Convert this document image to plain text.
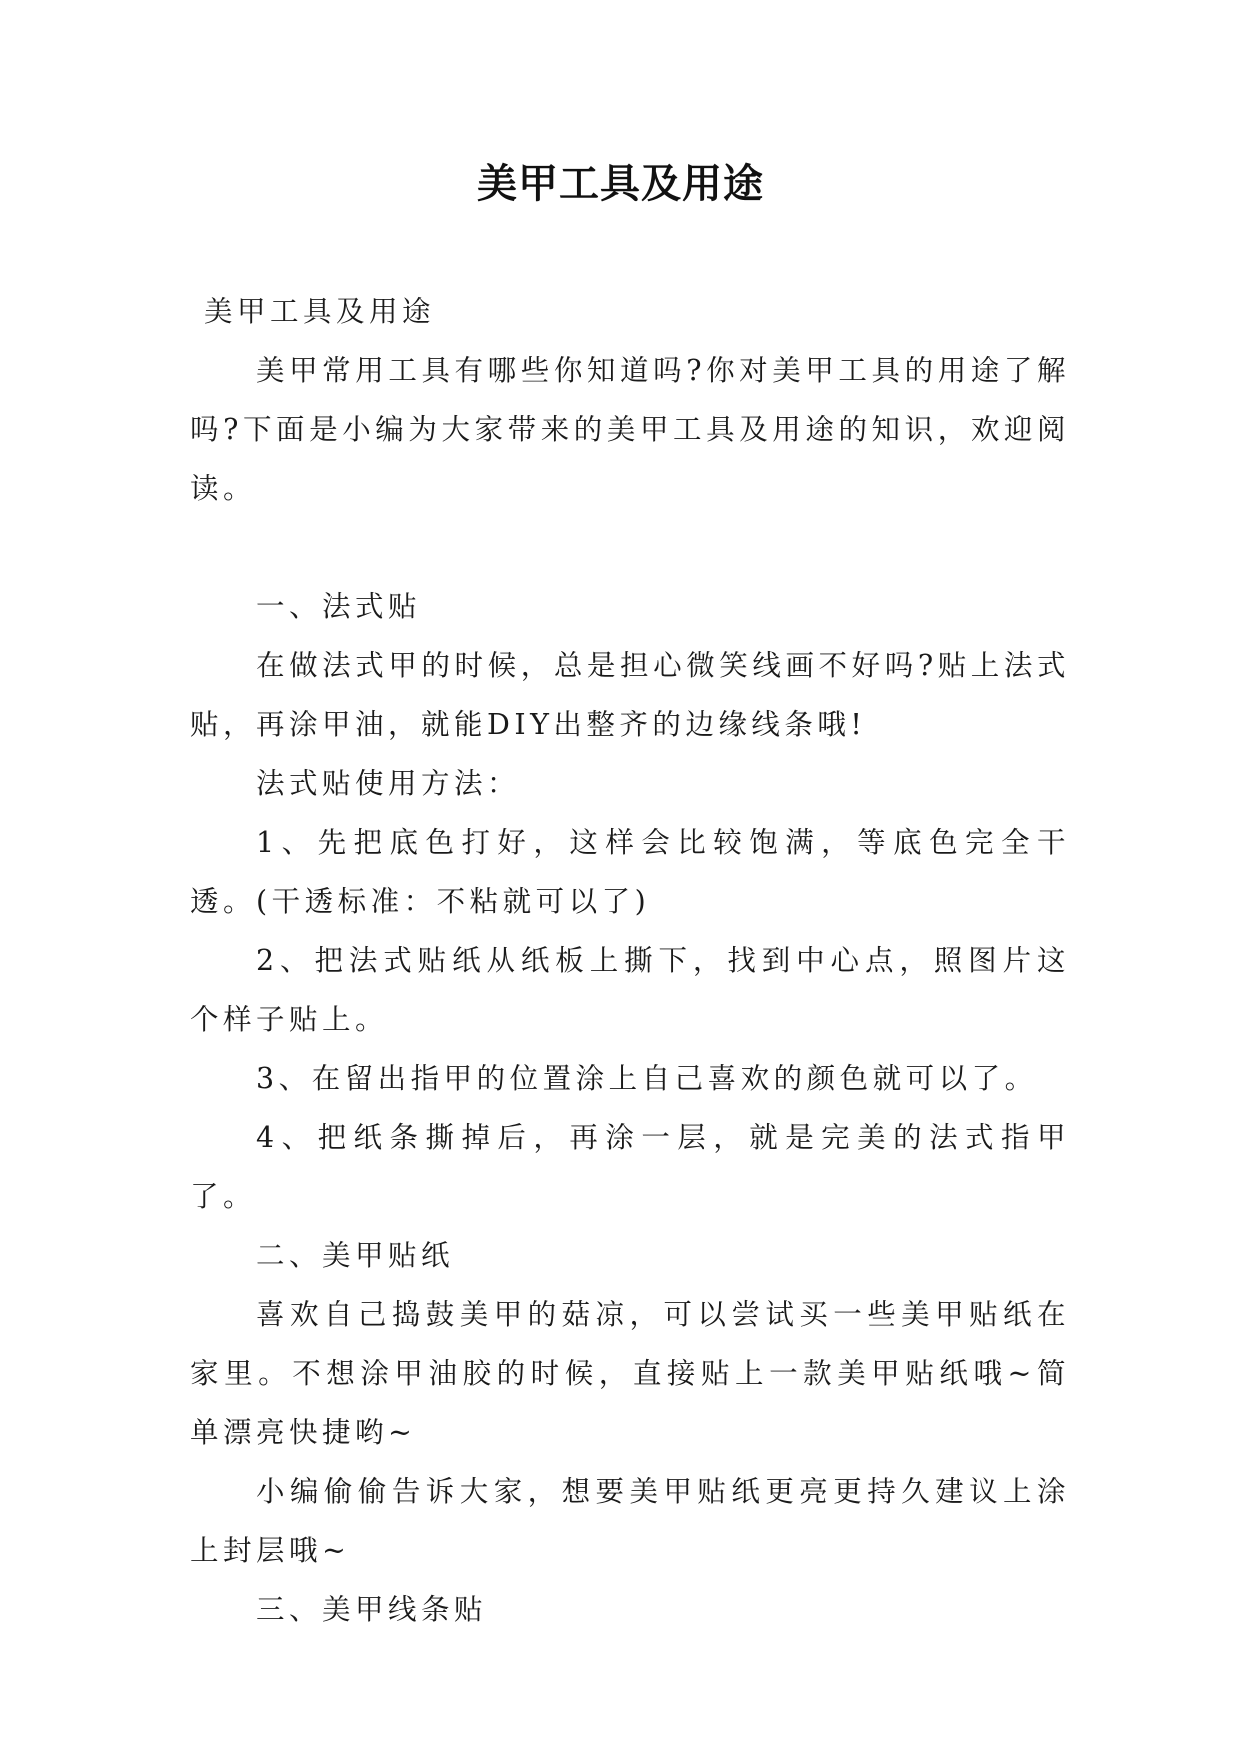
美甲工具及用途

美甲工具及用途

美甲常用工具有哪些你知道吗?你对美甲工具的用途了解吗?下面是小编为大家带来的美甲工具及用途的知识，欢迎阅读。

一、法式贴

在做法式甲的时候，总是担心微笑线画不好吗?贴上法式贴，再涂甲油，就能DIY出整齐的边缘线条哦!

法式贴使用方法：

1、先把底色打好，这样会比较饱满，等底色完全干透。(干透标准：不粘就可以了)

2、把法式贴纸从纸板上撕下，找到中心点，照图片这个样子贴上。

3、在留出指甲的位置涂上自己喜欢的颜色就可以了。

4、把纸条撕掉后，再涂一层，就是完美的法式指甲了。

二、美甲贴纸

喜欢自己捣鼓美甲的菇凉，可以尝试买一些美甲贴纸在家里。不想涂甲油胶的时候，直接贴上一款美甲贴纸哦~简单漂亮快捷哟~

小编偷偷告诉大家，想要美甲贴纸更亮更持久建议上涂上封层哦~

三、美甲线条贴
